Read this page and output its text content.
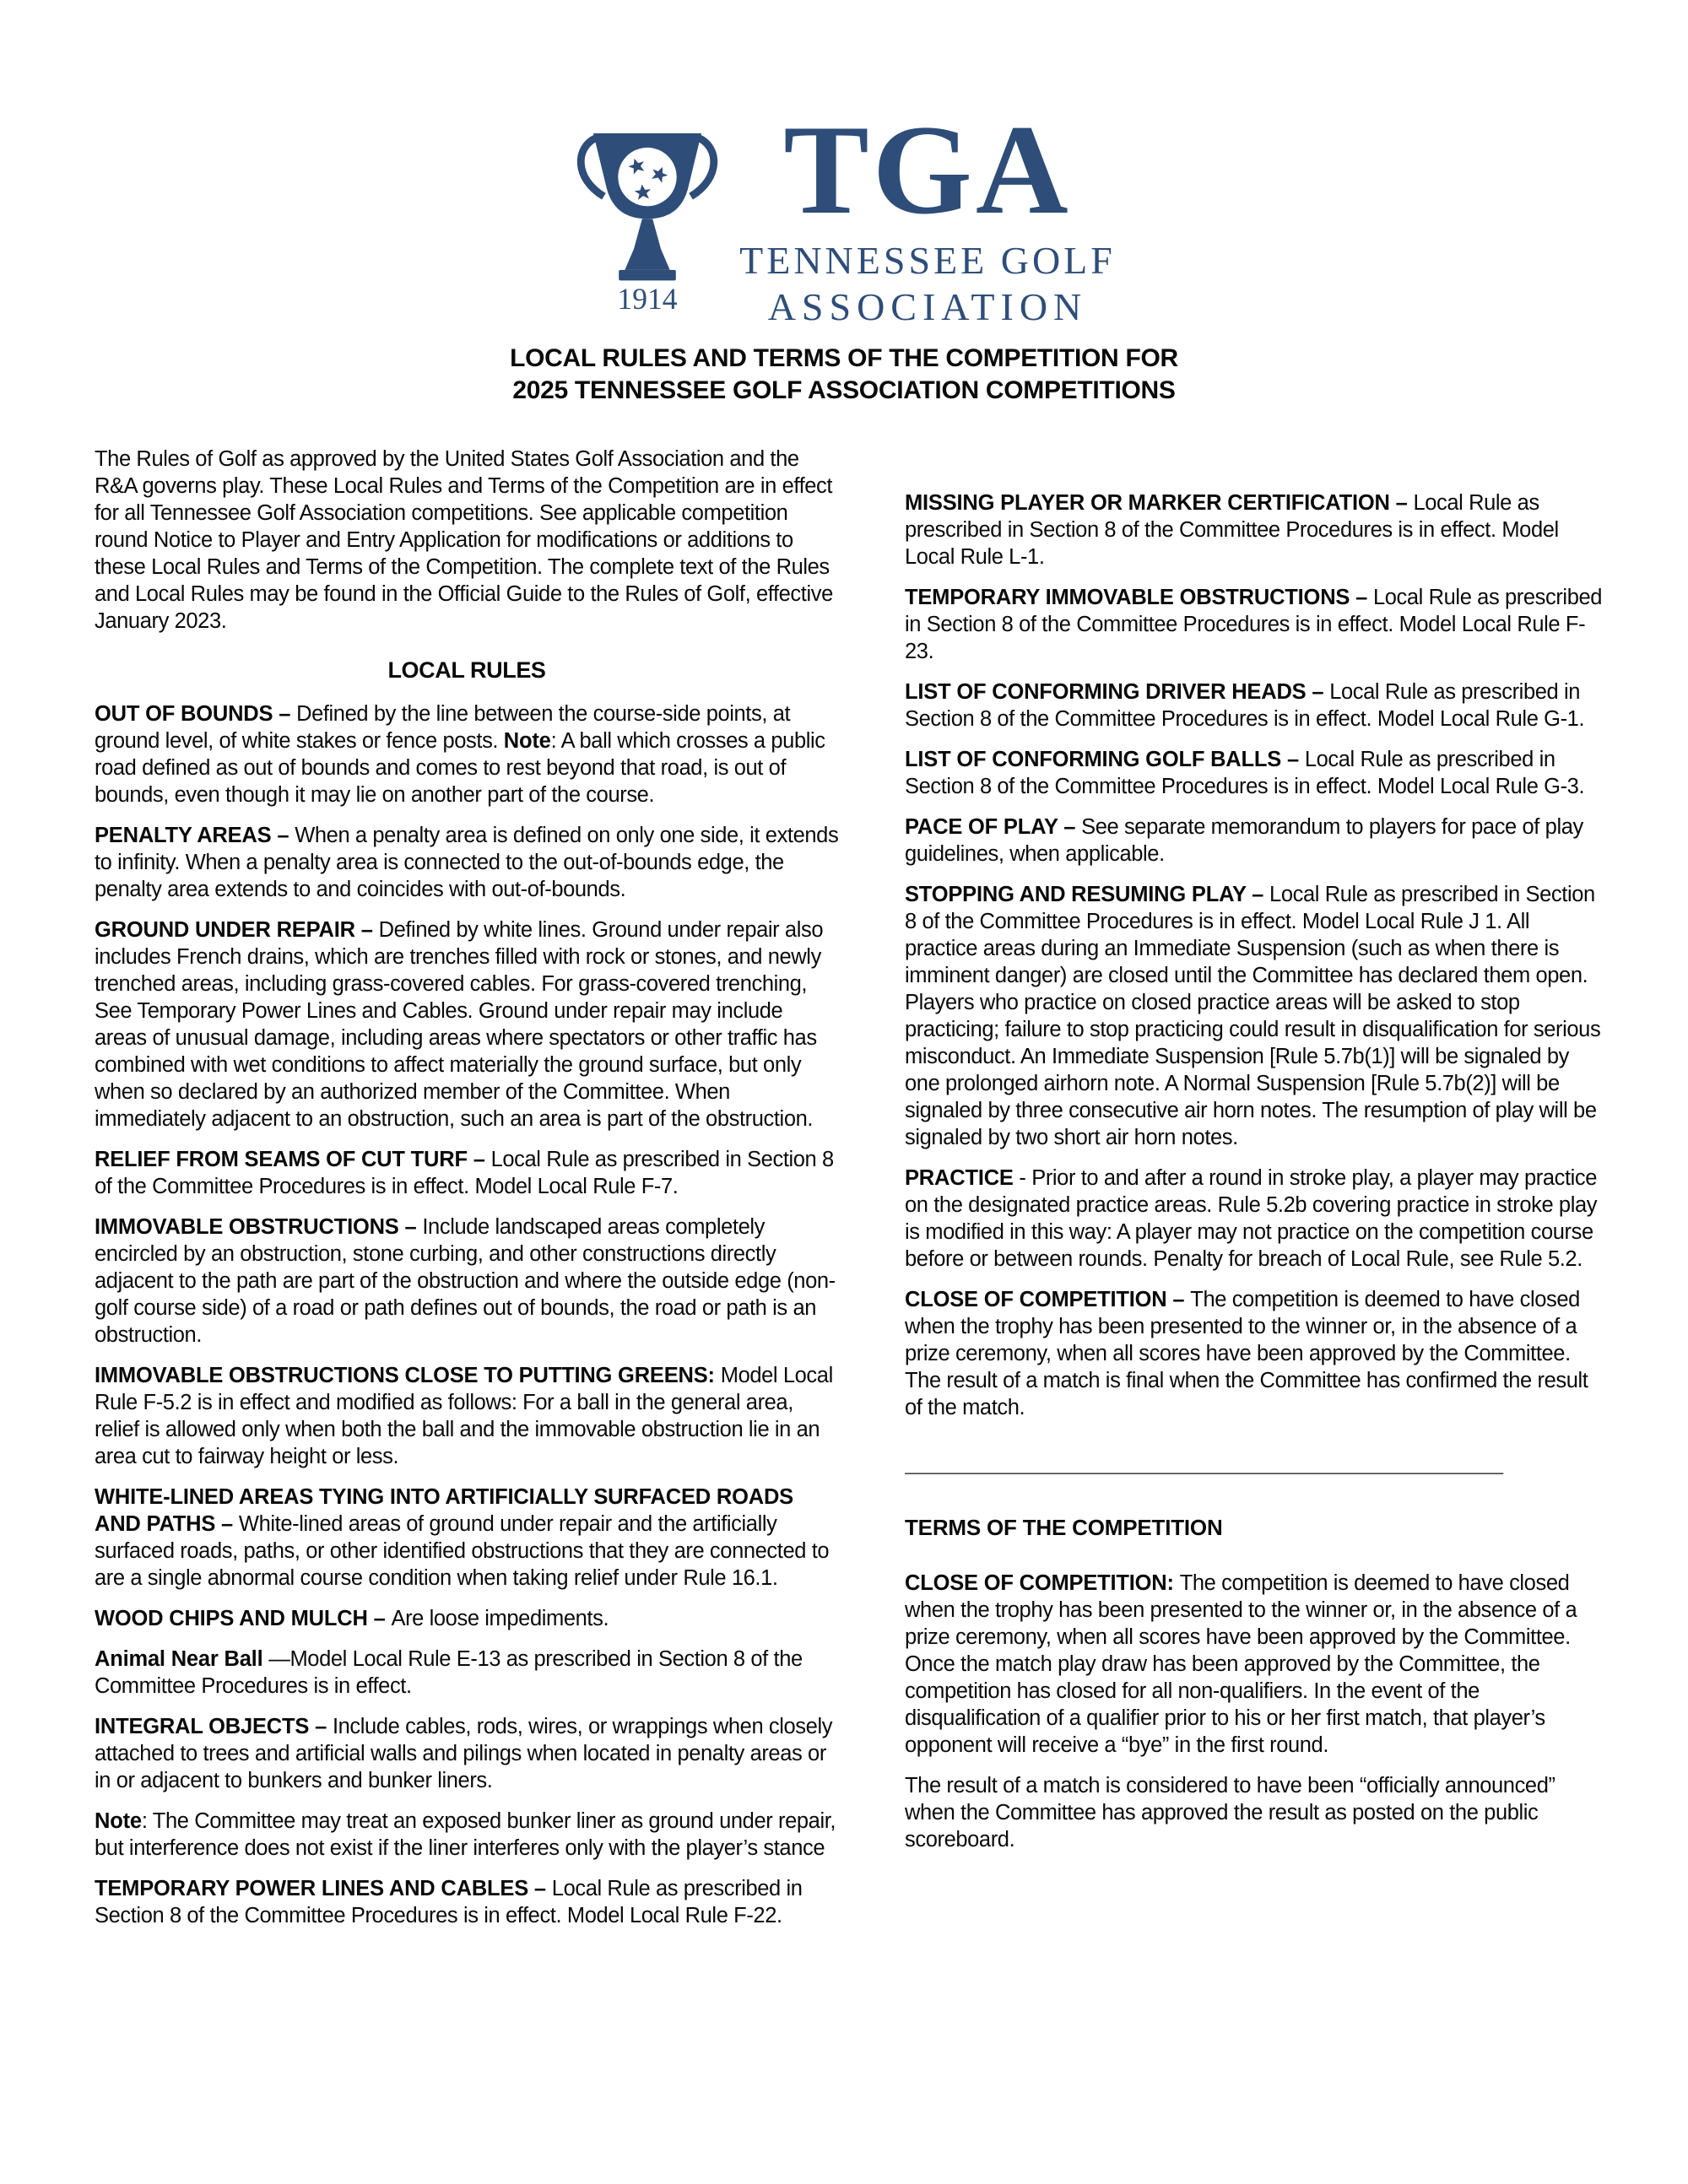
1914
TGA
TENNESSEE GOLF
ASSOCIATION
LOCAL RULES AND TERMS OF THE COMPETITION FOR
2025 TENNESSEE GOLF ASSOCIATION COMPETITIONS

The Rules of Golf as approved by the United States Golf Association and the R&A governs play. These Local Rules and Terms of the Competition are in effect for all Tennessee Golf Association competitions. See applicable competition round Notice to Player and Entry Application for modifications or additions to these Local Rules and Terms of the Competition. The complete text of the Rules and Local Rules may be found in the Official Guide to the Rules of Golf, effective January 2023.

LOCAL RULES

OUT OF BOUNDS – Defined by the line between the course-side points, at ground level, of white stakes or fence posts. Note: A ball which crosses a public road defined as out of bounds and comes to rest beyond that road, is out of bounds, even though it may lie on another part of the course.

PENALTY AREAS – When a penalty area is defined on only one side, it extends to infinity. When a penalty area is connected to the out-of-bounds edge, the penalty area extends to and coincides with out-of-bounds.

GROUND UNDER REPAIR – Defined by white lines. Ground under repair also includes French drains, which are trenches filled with rock or stones, and newly trenched areas, including grass-covered cables. For grass-covered trenching, See Temporary Power Lines and Cables. Ground under repair may include areas of unusual damage, including areas where spectators or other traffic has combined with wet conditions to affect materially the ground surface, but only when so declared by an authorized member of the Committee. When immediately adjacent to an obstruction, such an area is part of the obstruction.

RELIEF FROM SEAMS OF CUT TURF – Local Rule as prescribed in Section 8 of the Committee Procedures is in effect. Model Local Rule F-7.

IMMOVABLE OBSTRUCTIONS – Include landscaped areas completely encircled by an obstruction, stone curbing, and other constructions directly adjacent to the path are part of the obstruction and where the outside edge (non-golf course side) of a road or path defines out of bounds, the road or path is an obstruction.

IMMOVABLE OBSTRUCTIONS CLOSE TO PUTTING GREENS: Model Local Rule F-5.2 is in effect and modified as follows: For a ball in the general area, relief is allowed only when both the ball and the immovable obstruction lie in an area cut to fairway height or less.

WHITE-LINED AREAS TYING INTO ARTIFICIALLY SURFACED ROADS AND PATHS – White-lined areas of ground under repair and the artificially surfaced roads, paths, or other identified obstructions that they are connected to are a single abnormal course condition when taking relief under Rule 16.1.

WOOD CHIPS AND MULCH – Are loose impediments.

Animal Near Ball —Model Local Rule E-13 as prescribed in Section 8 of the Committee Procedures is in effect.

INTEGRAL OBJECTS – Include cables, rods, wires, or wrappings when closely attached to trees and artificial walls and pilings when located in penalty areas or in or adjacent to bunkers and bunker liners.

Note: The Committee may treat an exposed bunker liner as ground under repair, but interference does not exist if the liner interferes only with the player’s stance

TEMPORARY POWER LINES AND CABLES – Local Rule as prescribed in Section 8 of the Committee Procedures is in effect. Model Local Rule F-22.

MISSING PLAYER OR MARKER CERTIFICATION – Local Rule as prescribed in Section 8 of the Committee Procedures is in effect. Model Local Rule L-1.

TEMPORARY IMMOVABLE OBSTRUCTIONS – Local Rule as prescribed in Section 8 of the Committee Procedures is in effect. Model Local Rule F-23.

LIST OF CONFORMING DRIVER HEADS – Local Rule as prescribed in Section 8 of the Committee Procedures is in effect. Model Local Rule G-1.

LIST OF CONFORMING GOLF BALLS – Local Rule as prescribed in Section 8 of the Committee Procedures is in effect. Model Local Rule G-3.

PACE OF PLAY – See separate memorandum to players for pace of play guidelines, when applicable.

STOPPING AND RESUMING PLAY – Local Rule as prescribed in Section 8 of the Committee Procedures is in effect. Model Local Rule J 1. All practice areas during an Immediate Suspension (such as when there is imminent danger) are closed until the Committee has declared them open. Players who practice on closed practice areas will be asked to stop practicing; failure to stop practicing could result in disqualification for serious misconduct. An Immediate Suspension [Rule 5.7b(1)] will be signaled by one prolonged airhorn note. A Normal Suspension [Rule 5.7b(2)] will be signaled by three consecutive air horn notes. The resumption of play will be signaled by two short air horn notes.

PRACTICE - Prior to and after a round in stroke play, a player may practice on the designated practice areas. Rule 5.2b covering practice in stroke play is modified in this way: A player may not practice on the competition course before or between rounds. Penalty for breach of Local Rule, see Rule 5.2.

CLOSE OF COMPETITION – The competition is deemed to have closed when the trophy has been presented to the winner or, in the absence of a prize ceremony, when all scores have been approved by the Committee. The result of a match is final when the Committee has confirmed the result of the match.

__________________________________________________
TERMS OF THE COMPETITION

CLOSE OF COMPETITION: The competition is deemed to have closed when the trophy has been presented to the winner or, in the absence of a prize ceremony, when all scores have been approved by the Committee. Once the match play draw has been approved by the Committee, the competition has closed for all non-qualifiers. In the event of the disqualification of a qualifier prior to his or her first match, that player’s opponent will receive a “bye” in the first round.

The result of a match is considered to have been “officially announced” when the Committee has approved the result as posted on the public scoreboard.
